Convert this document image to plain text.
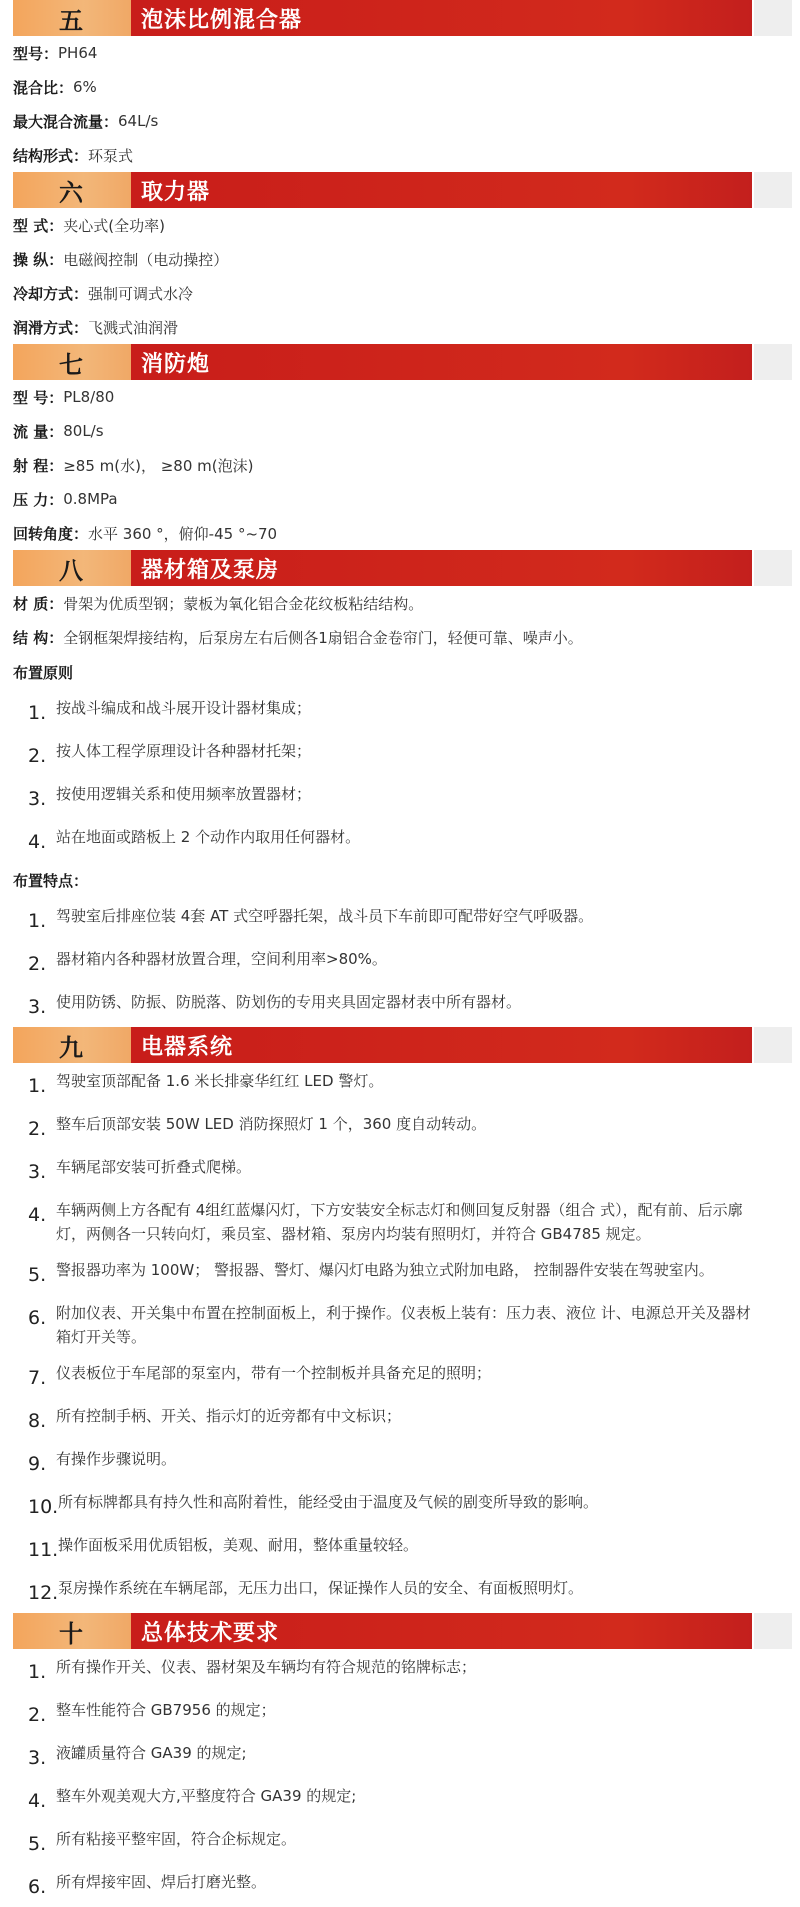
五	泡沫比例混合器
型号： PH64
混合比： 6%
最大混合流量： 64L/s
结构形式： 环泵式
六	取力器
型 式： 夹心式(全功率)
操 纵： 电磁阀控制（电动操控）
冷却方式： 强制可调式水冷
润滑方式： 飞溅式油润滑
七	消防炮
型 号： PL8/80
流 量： 80L/s
射 程： ≥85 m(水)， ≥80 m(泡沫)
压 力： 0.8MPa
回转角度： 水平 360 °，俯仰-45 °~70
八	器材箱及泵房
材 质： 骨架为优质型钢；蒙板为氧化铝合金花纹板粘结结构。
结 构： 全钢框架焊接结构，后泵房左右后侧各1扇铝合金卷帘门，轻便可靠、噪声小。
布置原则
1. 按战斗编成和战斗展开设计器材集成；
2. 按人体工程学原理设计各种器材托架；
3. 按使用逻辑关系和使用频率放置器材；
4. 站在地面或踏板上 2 个动作内取用任何器材。
布置特点：
1. 驾驶室后排座位装 4套 AT 式空呼器托架，战斗员下车前即可配带好空气呼吸器。
2. 器材箱内各种器材放置合理，空间利用率>80%。
3. 使用防锈、防振、防脱落、防划伤的专用夹具固定器材表中所有器材。
九	电器系统
1. 驾驶室顶部配备 1.6 米长排豪华红红 LED 警灯。
2. 整车后顶部安装 50W LED 消防探照灯 1 个，360 度自动转动。
3. 车辆尾部安装可折叠式爬梯。
4. 车辆两侧上方各配有 4组红蓝爆闪灯，下方安装安全标志灯和侧回复反射器（组合 式），配有前、后示廓灯，两侧各一只转向灯，乘员室、器材箱、泵房内均装有照明灯，并符合 GB4785 规定。
5. 警报器功率为 100W； 警报器、警灯、爆闪灯电路为独立式附加电路， 控制器件安装在驾驶室内。
6. 附加仪表、开关集中布置在控制面板上，利于操作。仪表板上装有：压力表、液位 计、电源总开关及器材箱灯开关等。
7. 仪表板位于车尾部的泵室内，带有一个控制板并具备充足的照明；
8. 所有控制手柄、开关、指示灯的近旁都有中文标识；
9. 有操作步骤说明。
10. 所有标牌都具有持久性和高附着性，能经受由于温度及气候的剧变所导致的影响。
11. 操作面板采用优质铝板，美观、耐用，整体重量较轻。
12. 泵房操作系统在车辆尾部，无压力出口，保证操作人员的安全、有面板照明灯。
十	总体技术要求
1. 所有操作开关、仪表、器材架及车辆均有符合规范的铭牌标志；
2. 整车性能符合 GB7956 的规定；
3. 液罐质量符合 GA39 的规定;
4. 整车外观美观大方,平整度符合 GA39 的规定;
5. 所有粘接平整牢固，符合企标规定。
6. 所有焊接牢固、焊后打磨光整。
